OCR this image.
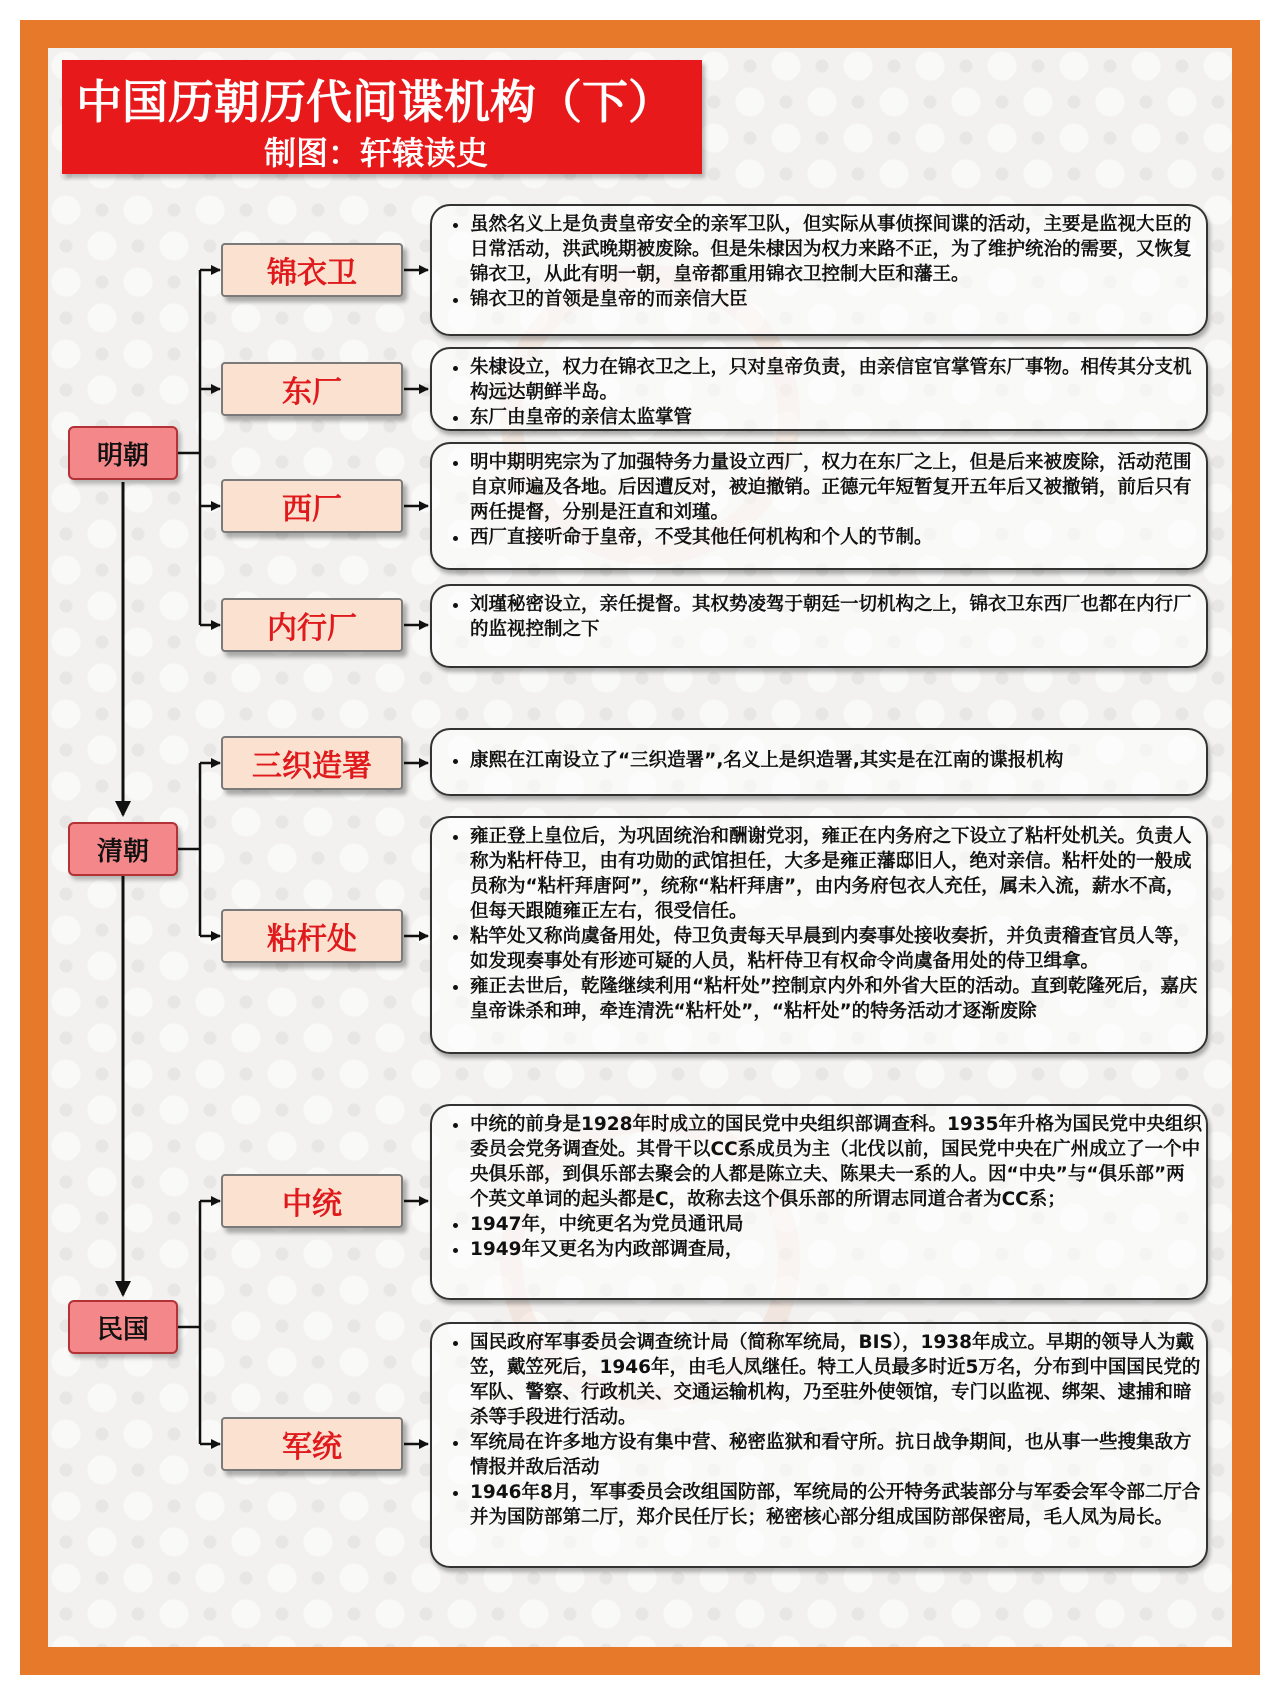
中国历朝历代间谍机构（下）
制图：轩辕读史
明朝
清朝
民国
锦衣卫
东厂
西厂
内行厂
三织造署
粘杆处
中统
军统
• 虽然名义上是负责皇帝安全的亲军卫队，但实际从事侦探间谍的活动，主要是监视大臣的日常活动，洪武晚期被废除。但是朱棣因为权力来路不正，为了维护统治的需要，又恢复锦衣卫，从此有明一朝，皇帝都重用锦衣卫控制大臣和藩王。
• 锦衣卫的首领是皇帝的而亲信大臣
• 朱棣设立，权力在锦衣卫之上，只对皇帝负责，由亲信宦官掌管东厂事物。相传其分支机构远达朝鲜半岛。
• 东厂由皇帝的亲信太监掌管
• 明中期明宪宗为了加强特务力量设立西厂，权力在东厂之上，但是后来被废除，活动范围自京师遍及各地。后因遭反对，被迫撤销。正德元年短暂复开五年后又被撤销，前后只有两任提督，分别是汪直和刘瑾。
• 西厂直接听命于皇帝，不受其他任何机构和个人的节制。
• 刘瑾秘密设立，亲任提督。其权势凌驾于朝廷一切机构之上，锦衣卫东西厂也都在内行厂的监视控制之下
• 康熙在江南设立了“三织造署”,名义上是织造署,其实是在江南的谍报机构
• 雍正登上皇位后，为巩固统治和酬谢党羽，雍正在内务府之下设立了粘杆处机关。负责人称为粘杆侍卫，由有功勋的武馆担任，大多是雍正藩邸旧人，绝对亲信。粘杆处的一般成员称为“粘杆拜唐阿”，统称“粘杆拜唐”，由内务府包衣人充任，属未入流，薪水不高，但每天跟随雍正左右，很受信任。
• 粘竿处又称尚虞备用处，侍卫负责每天早晨到内奏事处接收奏折，并负责稽查官员人等，如发现奏事处有形迹可疑的人员，粘杆侍卫有权命令尚虞备用处的侍卫缉拿。
• 雍正去世后，乾隆继续利用“粘杆处”控制京内外和外省大臣的活动。直到乾隆死后，嘉庆皇帝诛杀和珅，牵连清洗“粘杆处”，“粘杆处”的特务活动才逐渐废除
• 中统的前身是1928年时成立的国民党中央组织部调查科。1935年升格为国民党中央组织委员会党务调查处。其骨干以CC系成员为主（北伐以前，国民党中央在广州成立了一个中央俱乐部，到俱乐部去聚会的人都是陈立夫、陈果夫一系的人。因“中央”与“俱乐部”两个英文单词的起头都是C，故称去这个俱乐部的所谓志同道合者为CC系；
• 1947年，中统更名为党员通讯局
• 1949年又更名为内政部调查局，
• 国民政府军事委员会调查统计局（简称军统局，BIS），1938年成立。早期的领导人为戴笠，戴笠死后，1946年，由毛人凤继任。特工人员最多时近5万名，分布到中国国民党的军队、警察、行政机关、交通运输机构，乃至驻外使领馆，专门以监视、绑架、逮捕和暗杀等手段进行活动。
• 军统局在许多地方设有集中营、秘密监狱和看守所。抗日战争期间，也从事一些搜集敌方情报并敌后活动
• 1946年8月，军事委员会改组国防部，军统局的公开特务武装部分与军委会军令部二厅合并为国防部第二厅，郑介民任厅长；秘密核心部分组成国防部保密局，毛人凤为局长。
